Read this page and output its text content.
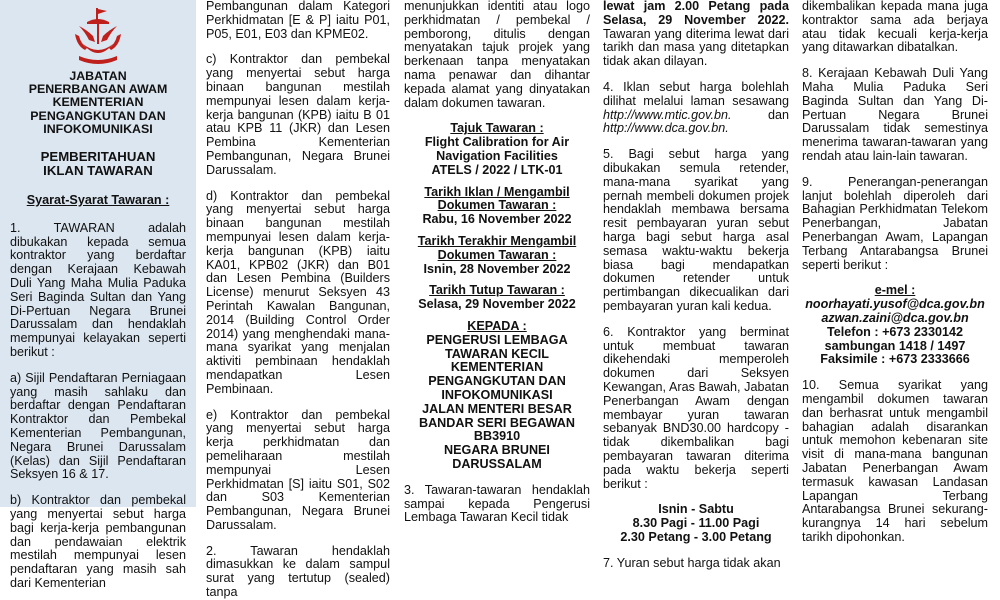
JABATAN
PENERBANGAN AWAM
KEMENTERIAN
PENGANGKUTAN DAN
INFOKOMUNIKASI
PEMBERITAHUAN
IKLAN TAWARAN
Syarat-Syarat Tawaran :

1. TAWARAN adalah dibukakan kepada semua kontraktor yang berdaftar dengan Kerajaan Kebawah Duli Yang Maha Mulia Paduka Seri Baginda Sultan dan Yang Di-Pertuan Negara Brunei Darussalam dan hendaklah mempunyai kelayakan seperti berikut :

a) Sijil Pendaftaran Perniagaan yang masih sahlaku dan berdaftar dengan Pendaftaran Kontraktor dan Pembekal Kementerian Pembangunan, Negara Brunei Darussalam (Kelas) dan Sijil Pendaftaran Seksyen 16 & 17.

b) Kontraktor dan pembekal yang menyertai sebut harga bagi kerja-kerja pembangunan dan pendawaian elektrik mestilah mempunyai lesen pendaftaran yang masih sah dari Kementerian

Pembangunan dalam Kategori Perkhidmatan [E & P] iaitu P01, P05, E01, E03 dan KPME02.

c) Kontraktor dan pembekal yang menyertai sebut harga binaan bangunan mestilah mempunyai lesen dalam kerja-kerja bangunan (KPB) iaitu B 01 atau KPB 11 (JKR) dan Lesen Pembina Kementerian Pembangunan, Negara Brunei Darussalam.

d) Kontraktor dan pembekal yang menyertai sebut harga binaan bangunan mestilah mempunyai lesen dalam kerja-kerja bangunan (KPB) iaitu KA01, KPB02 (JKR) dan B01 dan Lesen Pembina (Builders License) menurut Seksyen 43 Perintah Kawalan Bangunan, 2014 (Building Control Order 2014) yang menghendaki mana-mana syarikat yang menjalan aktiviti pembinaan hendaklah mendapatkan Lesen Pembinaan.

e) Kontraktor dan pembekal yang menyertai sebut harga kerja perkhidmatan dan pemeliharaan mestilah mempunyai Lesen Perkhidmatan [S] iaitu S01, S02 dan S03 Kementerian Pembangunan, Negara Brunei Darussalam.

2. Tawaran hendaklah dimasukkan ke dalam sampul surat yang tertutup (sealed) tanpa

menunjukkan identiti atau logo perkhidmatan / pembekal / pemborong, ditulis dengan menyatakan tajuk projek yang berkenaan tanpa menyatakan nama penawar dan dihantar kepada alamat yang dinyatakan dalam dokumen tawaran.

Tajuk Tawaran :
Flight Calibration for Air
Navigation Facilities
ATELS / 2022 / LTK-01
Tarikh Iklan / Mengambil
Dokumen Tawaran :
Rabu, 16 November 2022
Tarikh Terakhir Mengambil
Dokumen Tawaran :
Isnin, 28 November 2022
Tarikh Tutup Tawaran :
Selasa, 29 November 2022
KEPADA :
PENGERUSI LEMBAGA
TAWARAN KECIL
KEMENTERIAN
PENGANGKUTAN DAN
INFOKOMUNIKASI
JALAN MENTERI BESAR
BANDAR SERI BEGAWAN
BB3910
NEGARA BRUNEI
DARUSSALAM

3. Tawaran-tawaran hendaklah sampai kepada Pengerusi Lembaga Tawaran Kecil tidak

lewat jam 2.00 Petang pada Selasa, 29 November 2022. Tawaran yang diterima lewat dari tarikh dan masa yang ditetapkan tidak akan dilayan.

4. Iklan sebut harga bolehlah dilihat melalui laman sesawang http://www.mtic.gov.bn.	dan http://www.dca.gov.bn.

5. Bagi sebut harga yang dibukakan semula retender, mana-mana syarikat yang pernah membeli dokumen projek hendaklah membawa bersama resit pembayaran yuran sebut harga bagi sebut harga asal semasa waktu-waktu bekerja biasa bagi mendapatkan dokumen retender untuk pertimbangan dikecualikan dari pembayaran yuran kali kedua.

6. Kontraktor yang berminat untuk membuat tawaran dikehendaki memperoleh dokumen dari Seksyen Kewangan, Aras Bawah, Jabatan Penerbangan Awam dengan membayar yuran tawaran sebanyak BND30.00 hardcopy - tidak dikembalikan bagi pembayaran tawaran diterima pada waktu bekerja seperti berikut :

Isnin - Sabtu
8.30 Pagi - 11.00 Pagi
2.30 Petang - 3.00 Petang

7. Yuran sebut harga tidak akan

dikembalikan kepada mana juga kontraktor sama ada berjaya atau tidak kecuali kerja-kerja yang ditawarkan dibatalkan.

8. Kerajaan Kebawah Duli Yang Maha Mulia Paduka Seri Baginda Sultan dan Yang Di-Pertuan Negara Brunei Darussalam tidak semestinya menerima tawaran-tawaran yang rendah atau lain-lain tawaran.

9. Penerangan-penerangan lanjut bolehlah diperoleh dari Bahagian Perkhidmatan Telekom Penerbangan, Jabatan Penerbangan Awam, Lapangan Terbang Antarabangsa Brunei seperti berikut :

e-mel :
noorhayati.yusof@dca.gov.bn
azwan.zaini@dca.gov.bn
Telefon : +673 2330142
sambungan 1418 / 1497
Faksimile : +673 2333666

10. Semua syarikat yang mengambil dokumen tawaran dan berhasrat untuk mengambil bahagian adalah disarankan untuk memohon kebenaran site visit di mana-mana bangunan Jabatan Penerbangan Awam termasuk kawasan Landasan Lapangan Terbang Antarabangsa Brunei sekurang-kurangnya 14 hari sebelum tarikh dipohonkan.
